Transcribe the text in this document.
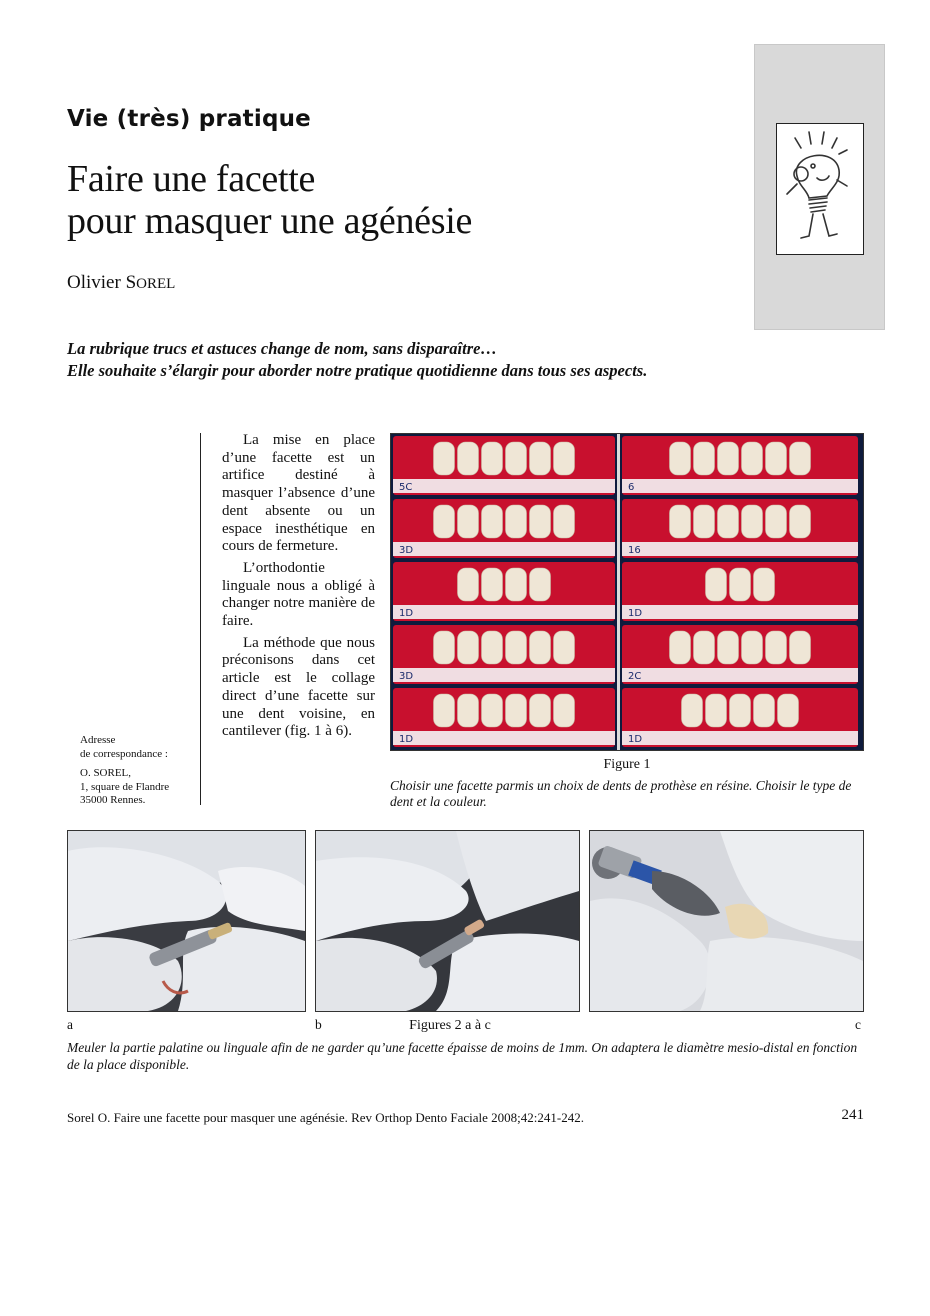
Vie (très) pratique
Faire une facette
pour masquer une agénésie
Olivier SOREL
La rubrique trucs et astuces change de nom, sans disparaître…
Elle souhaite s’élargir pour aborder notre pratique quotidienne dans tous ses aspects.
Adresse
de correspondance :
O. SOREL,
1, square de Flandre
35000 Rennes.

La mise en place d’une facette est un artifice destiné à masquer l’absence d’une dent absente ou un espace inesthétique en cours de fermeture.

L’orthodontie linguale nous a obligé à changer notre manière de faire.

La méthode que nous préconisons dans cet article est le collage direct d’une facette sur une dent voisine, en cantilever (fig. 1 à 6).

5C
3D
1D
3D
1D
6
16
1D
2C
1D
Figure 1
Choisir une facette parmis un choix de dents de prothèse en résine. Choisir le type de dent et la couleur.
a	b	c
Figures 2 a à c
Meuler la partie palatine ou linguale afin de ne garder qu’une facette épaisse de moins de 1mm. On adaptera le diamètre mesio-distal en fonction de la place disponible.
Sorel O. Faire une facette pour masquer une agénésie. Rev Orthop Dento Faciale 2008;42:241-242.	241
